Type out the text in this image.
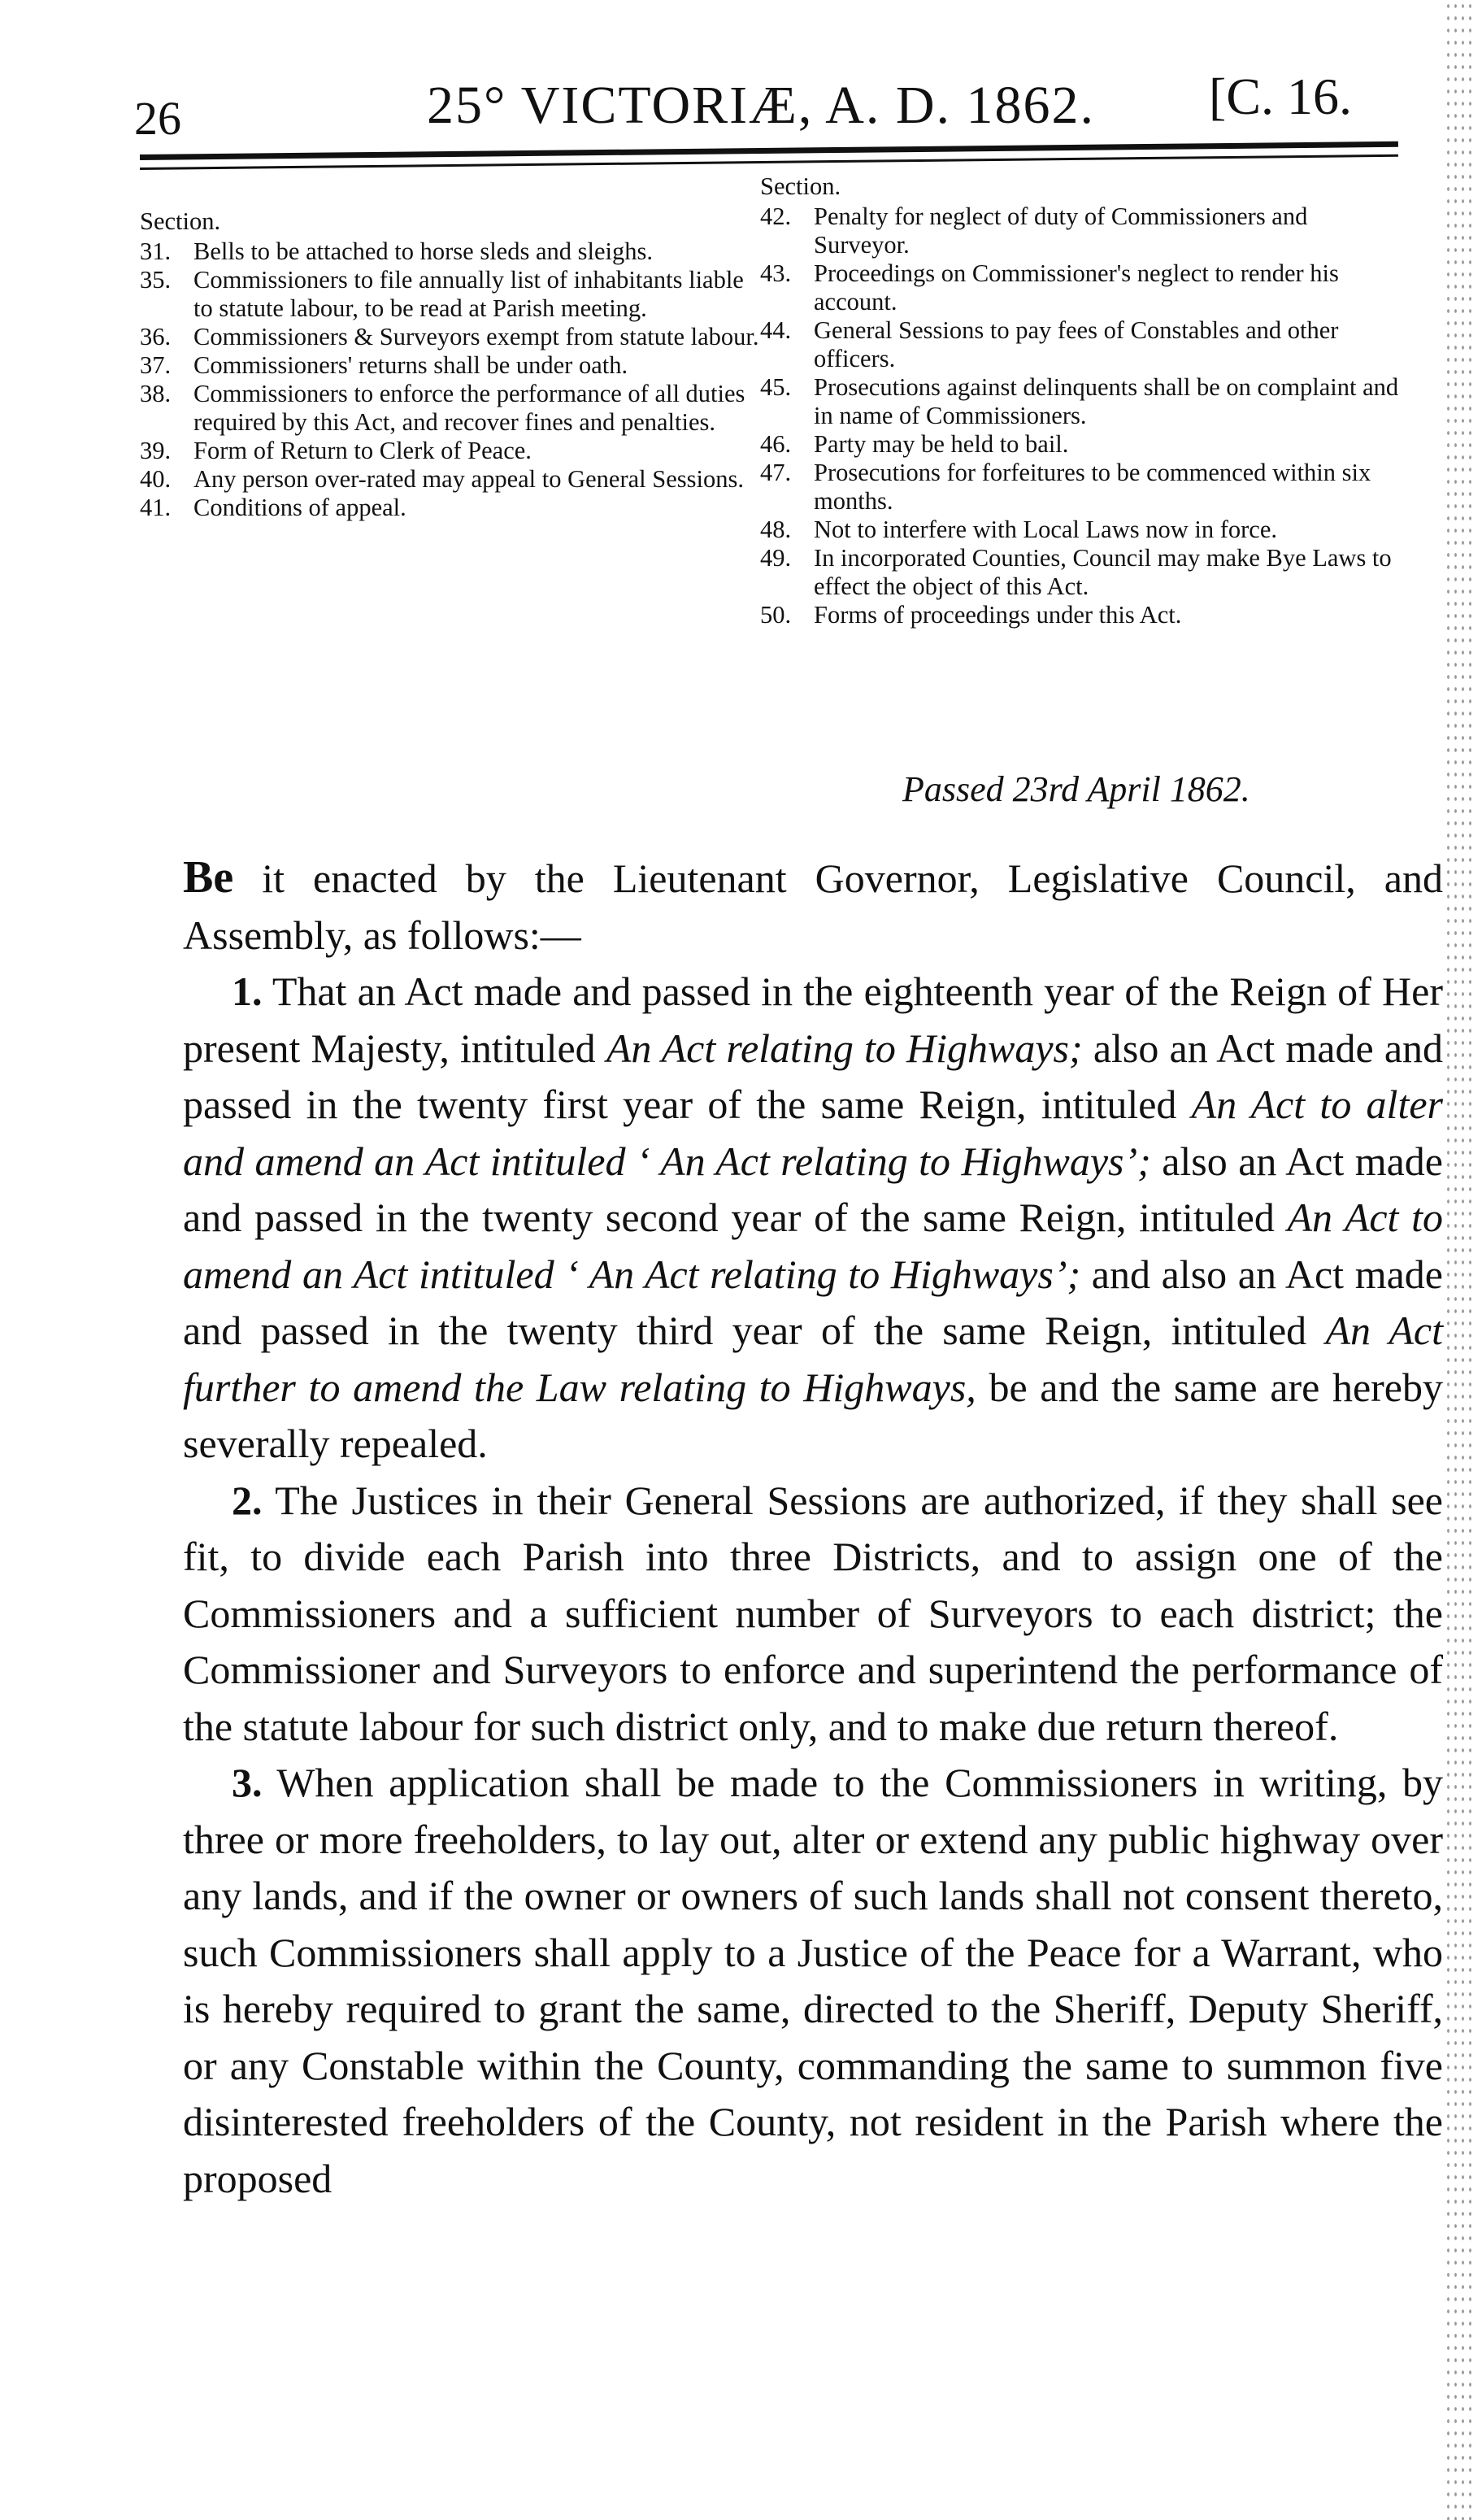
26	25° VICTORIÆ, A. D. 1862. [C. 16.
Section.
31. Bells to be attached to horse sleds and sleighs.
35. Commissioners to file annually list of inhabitants liable to statute labour, to be read at Parish meeting.
36. Commissioners & Surveyors exempt from statute labour.
37. Commissioners' returns shall be under oath.
38. Commissioners to enforce the performance of all duties required by this Act, and recover fines and penalties.
39. Form of Return to Clerk of Peace.
40. Any person over-rated may appeal to General Sessions.
41. Conditions of appeal.
Section.
42. Penalty for neglect of duty of Commissioners and Surveyor.
43. Proceedings on Commissioner's neglect to render his account.
44. General Sessions to pay fees of Constables and other officers.
45. Prosecutions against delinquents shall be on complaint and in name of Commissioners.
46. Party may be held to bail.
47. Prosecutions for forfeitures to be commenced within six months.
48. Not to interfere with Local Laws now in force.
49. In incorporated Counties, Council may make Bye Laws to effect the object of this Act.
50. Forms of proceedings under this Act.
Passed 23rd April 1862.

Be it enacted by the Lieutenant Governor, Legislative Council, and Assembly, as follows:—

1. That an Act made and passed in the eighteenth year of the Reign of Her present Majesty, intituled An Act relating to Highways; also an Act made and passed in the twenty first year of the same Reign, intituled An Act to alter and amend an Act intituled ‘ An Act relating to Highways’; also an Act made and passed in the twenty second year of the same Reign, intituled An Act to amend an Act intituled ‘ An Act relating to Highways’; and also an Act made and passed in the twenty third year of the same Reign, intituled An Act further to amend the Law relating to Highways, be and the same are hereby severally repealed.

2. The Justices in their General Sessions are authorized, if they shall see fit, to divide each Parish into three Districts, and to assign one of the Commissioners and a sufficient number of Surveyors to each district; the Commissioner and Surveyors to enforce and superintend the performance of the statute labour for such district only, and to make due return thereof.

3. When application shall be made to the Commissioners in writing, by three or more freeholders, to lay out, alter or extend any public highway over any lands, and if the owner or owners of such lands shall not consent thereto, such Commissioners shall apply to a Justice of the Peace for a Warrant, who is hereby required to grant the same, directed to the Sheriff, Deputy Sheriff, or any Constable within the County, commanding the same to summon five disinterested freeholders of the County, not resident in the Parish where the proposed
